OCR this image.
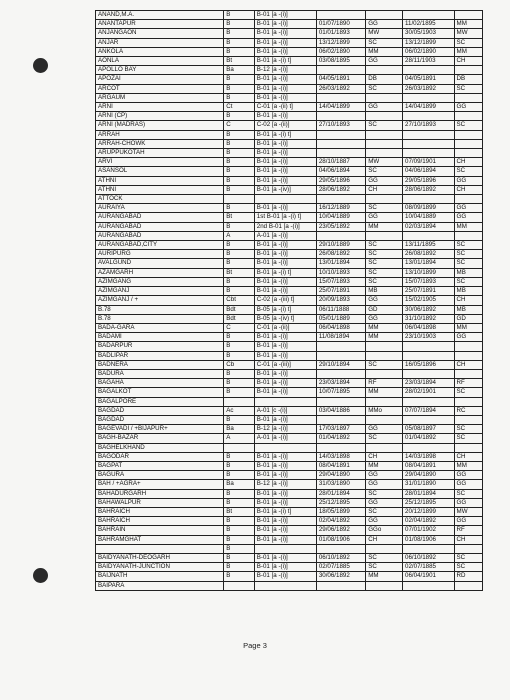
ANAND,M.A.	B	B-01 [a -(i)]				
ANANTAPUR	B	B-01 [a -(i)]	01/07/1890	GG	11/02/1895	MM
ANJANGAON	B	B-01 [a -(i)]	01/01/1893	MW	30/05/1903	MW
ANJAR	B	B-01 [a -(i)]	13/12/1899	SC	13/12/1899	SC
ANKOLA	B	B-01 [a -(i)]	06/02/1890	MM	06/02/1890	MM
AONLA	Bt	B-01 [a -(i) t]	03/08/1895	GG	28/11/1903	CH
APOLLO BAY	Ba	B-12 [a -(i)]				
APOZAI	B	B-01 [a -(i)]	04/05/1891	DB	04/05/1891	DB
ARCOT	B	B-01 [a -(i)]	26/03/1892	SC	26/03/1892	SC
ARGAUM	B	B-01 [a -(i)]				
ARNI	Ct	C-01 [a -(ii) t]	14/04/1899	GG	14/04/1899	GG
ARNI (CP)	B	B-01 [a -(i)]				
ARNI (MADRAS)	C	C-02 [a -(ii)]	27/10/1893	SC	27/10/1893	SC
ARRAH	B	B-01 [a -(i) t]				
ARRAH-CHOWK	B	B-01 [a -(i)]				
ARUPPUKOTAH	B	B-01 [a -(i)]				
ARVI	B	B-01 [a -(i)]	28/10/1887	MW	07/09/1901	CH
ASANSOL	B	B-01 [a -(i)]	04/06/1894	SC	04/06/1894	SC
ATHNI	B	B-01 [a -(i)]	29/05/1896	GG	29/05/1896	GG
ATHNI	B	B-01 [a -(iv)]	28/06/1892	CH	28/06/1892	CH
ATTOCK						
AURAIYA	B	B-01 [a -(i)]	16/12/1889	SC	08/09/1899	GG
AURANGABAD	Bt	1st B-01 [a -(i) t]	10/04/1889	GG	10/04/1889	GG
AURANGABAD	B	2nd B-01 [a -(i)]	23/05/1892	MM	02/03/1894	MM
AURANGABAD	A	A-01 [a -(i)]				
AURANGABAD,CITY	B	B-01 [a -(i)]	29/10/1889	SC	13/11/1895	SC
AURIPURG	B	B-01 [a -(i)]	26/08/1892	SC	26/08/1892	SC
AVALGUND	B	B-01 [a -(i)]	13/01/1894	SC	13/01/1894	SC
AZAMGARH	Bt	B-01 [a -(i) t]	10/10/1893	SC	13/10/1899	MB
AZIMGANG	B	B-01 [a -(i)]	15/07/1893	SC	15/07/1893	SC
AZIMGANJ	B	B-01 [a -(i)]	25/07/1891	MB	25/07/1891	MB
AZIMGANJ / +	Cbt	C-02 [a -(iii) t]	20/09/1893	GG	15/02/1905	CH
B.78	Bdt	B-05 [a -(i) t]	06/11/1888	GD	30/06/1892	MB
B.78	Bdt	B-05 [a -(iv) t]	05/01/1889	GG	31/10/1892	GD
BADA-GARA	C	C-01 [a -(ii)]	06/04/1898	MM	06/04/1898	MM
BADAMI	B	B-01 [a -(i)]	11/08/1894	MM	23/10/1903	GG
BADARPUR	B	B-01 [a -(i)]				
BADLIPAR	B	B-01 [a -(i)]				
BADNERA	Cb	C-01 [a -(iii)]	29/10/1894	SC	16/05/1896	CH
BADURA	B	B-01 [a -(i)]				
BAGAHA	B	B-01 [a -(i)]	23/03/1894	RF	23/03/1894	RF
BAGALKOT	B	B-01 [a -(i)]	10/07/1895	MM	28/02/1901	SC
BAGALPORE						
BAGDAD	Ac	A-01 [c -(i)]	03/04/1886	MMo	07/07/1894	RC
BAGDAD	B	B-01 [a -(i)]				
BAGEVADI / +BIJAPUR+	Ba	B-12 [a -(i)]	17/03/1897	GG	05/08/1897	SC
BAGH-BAZAR	A	A-01 [a -(i)]	01/04/1892	SC	01/04/1892	SC
BAGHELKHAND						
BAGODAR	B	B-01 [a -(i)]	14/03/1898	CH	14/03/1898	CH
BAGPAT	B	B-01 [a -(i)]	08/04/1891	MM	08/04/1891	MM
BAGURA	B	B-01 [a -(i)]	29/04/1890	GG	29/04/1890	GG
BAH / +AGRA+	Ba	B-12 [a -(i)]	31/03/1890	GG	31/01/1890	GG
BAHADURGARH	B	B-01 [a -(i)]	28/01/1894	SC	28/01/1894	SC
BAHAWALPUR	B	B-01 [a -(i)]	25/12/1895	GG	25/12/1895	GG
BAHRAICH	Bt	B-01 [a -(i) t]	18/05/1899	SC	20/12/1899	MW
BAHRAICH	B	B-01 [a -(i)]	02/04/1892	GG	02/04/1892	GG
BAHRAIN	B	B-01 [a -(i)]	29/06/1892	GGo	07/01/1902	RF
BAHRAMGHAT	B	B-01 [a -(i)]	01/08/1906	CH	01/08/1906	CH
	B					
BAIDYANATH-DEOGARH	B	B-01 [a -(i)]	06/10/1892	SC	06/10/1892	SC
BAIDYANATH-JUNCTION	B	B-01 [a -(i)]	02/07/1885	SC	02/07/1885	SC
BAIJNATH	B	B-01 [a -(i)]	30/06/1892	MM	06/04/1901	RD
BAIPARA						
Page 3
